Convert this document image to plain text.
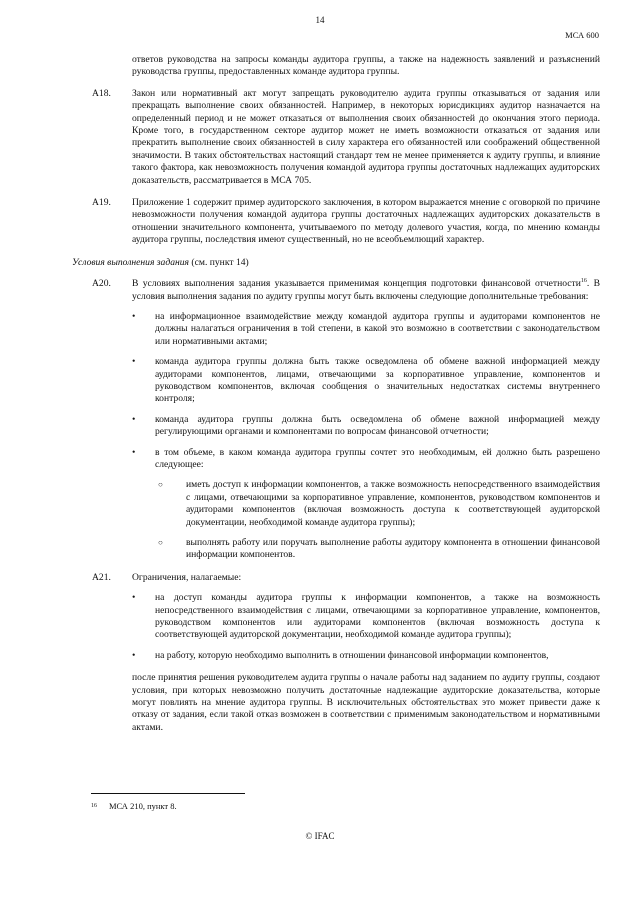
14
МСА 600

ответов руководства на запросы команды аудитора группы, а также на надежность заявлений и разъяснений руководства группы, предоставленных команде аудитора группы.

A18. Закон или нормативный акт могут запрещать руководителю аудита группы отказываться от задания или прекращать выполнение своих обязанностей. Например, в некоторых юрисдикциях аудитор назначается на определенный период и не может отказаться от выполнения своих обязанностей до окончания этого периода. Кроме того, в государственном секторе аудитор может не иметь возможности отказаться от задания или прекратить выполнение своих обязанностей в силу характера его обязанностей или соображений общественной значимости. В таких обстоятельствах настоящий стандарт тем не менее применяется к аудиту группы, и влияние такого фактора, как невозможность получения командой аудитора группы достаточных надлежащих аудиторских доказательств, рассматривается в МСА 705.

A19. Приложение 1 содержит пример аудиторского заключения, в котором выражается мнение с оговоркой по причине невозможности получения командой аудитора группы достаточных надлежащих аудиторских доказательств в отношении значительного компонента, учитываемого по методу долевого участия, когда, по мнению команды аудитора группы, последствия имеют существенный, но не всеобъемлющий характер.

Условия выполнения задания (см. пункт 14)

A20. В условиях выполнения задания указывается применимая концепция подготовки финансовой отчетности$^{16}$. В условия выполнения задания по аудиту группы могут быть включены следующие дополнительные требования:

• на информационное взаимодействие между командой аудитора группы и аудиторами компонентов не должны налагаться ограничения в той степени, в какой это возможно в соответствии с законодательством или нормативными актами;
• команда аудитора группы должна быть также осведомлена об обмене важной информацией между аудиторами компонентов, лицами, отвечающими за корпоративное управление, компонентов и руководством компонентов, включая сообщения о значительных недостатках системы внутреннего контроля;
• команда аудитора группы должна быть осведомлена об обмене важной информацией между регулирующими органами и компонентами по вопросам финансовой отчетности;
• в том объеме, в каком команда аудитора группы сочтет это необходимым, ей должно быть разрешено следующее:
○ иметь доступ к информации компонентов, а также возможность непосредственного взаимодействия с лицами, отвечающими за корпоративное управление, компонентов, руководством компонентов и аудиторами компонентов (включая возможность доступа к соответствующей аудиторской документации, необходимой команде аудитора группы);
○ выполнять работу или поручать выполнение работы аудитору компонента в отношении финансовой информации компонентов.
A21. Ограничения, налагаемые:

• на доступ команды аудитора группы к информации компонентов, а также на возможность непосредственного взаимодействия с лицами, отвечающими за корпоративное управление, компонентов, руководством компонентов или аудиторами компонентов (включая возможность доступа к соответствующей аудиторской документации, необходимой команде аудитора группы);
• на работу, которую необходимо выполнить в отношении финансовой информации компонентов,

после принятия решения руководителем аудита группы о начале работы над заданием по аудиту группы, создают условия, при которых невозможно получить достаточные надлежащие аудиторские доказательства, которые могут повлиять на мнение аудитора группы. В исключительных обстоятельствах это может привести даже к отказу от задания, если такой отказ возможен в соответствии с применимым законодательством и нормативными актами.

$^{16}$ МСА 210, пункт 8.
© IFAC
